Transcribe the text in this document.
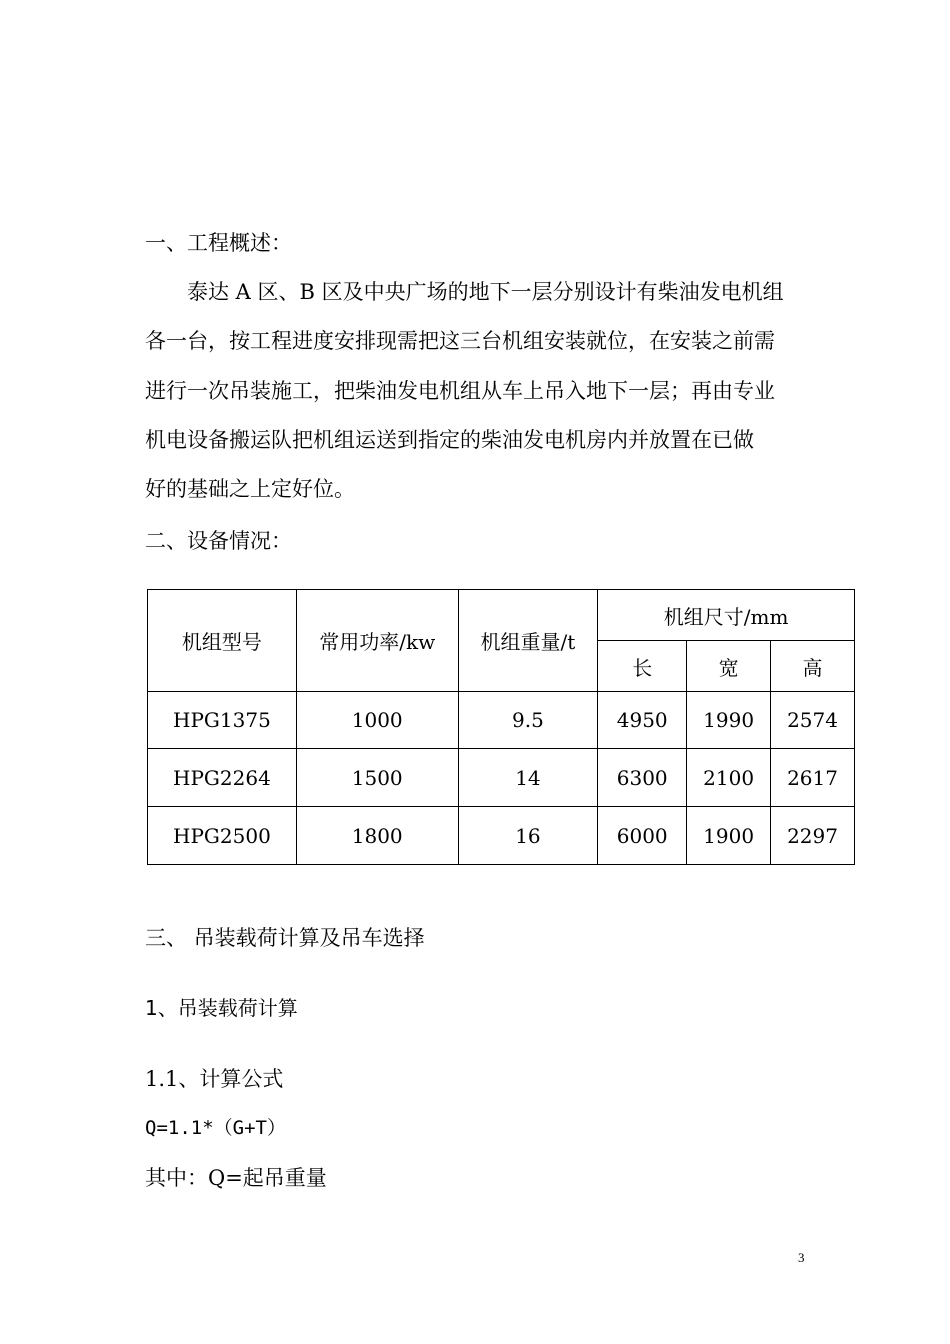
一、工程概述：

泰达 A 区、B 区及中央广场的地下一层分别设计有柴油发电机组

各一台，按工程进度安排现需把这三台机组安装就位，在安装之前需

进行一次吊装施工，把柴油发电机组从车上吊入地下一层；再由专业

机电设备搬运队把机组运送到指定的柴油发电机房内并放置在已做

好的基础之上定好位。

二、设备情况：

机组型号	常用功率/kw	机组重量/t	机组尺寸/mm		
			长	宽	高
HPG1375	1000	9.5	4950	1990	2574
HPG2264	1500	14	6300	2100	2617
HPG2500	1800	16	6000	1900	2297

三、 吊装载荷计算及吊车选择

1、吊装载荷计算

1.1、计算公式

Q=1.1*（G+T）

其中：Q=起吊重量

3
